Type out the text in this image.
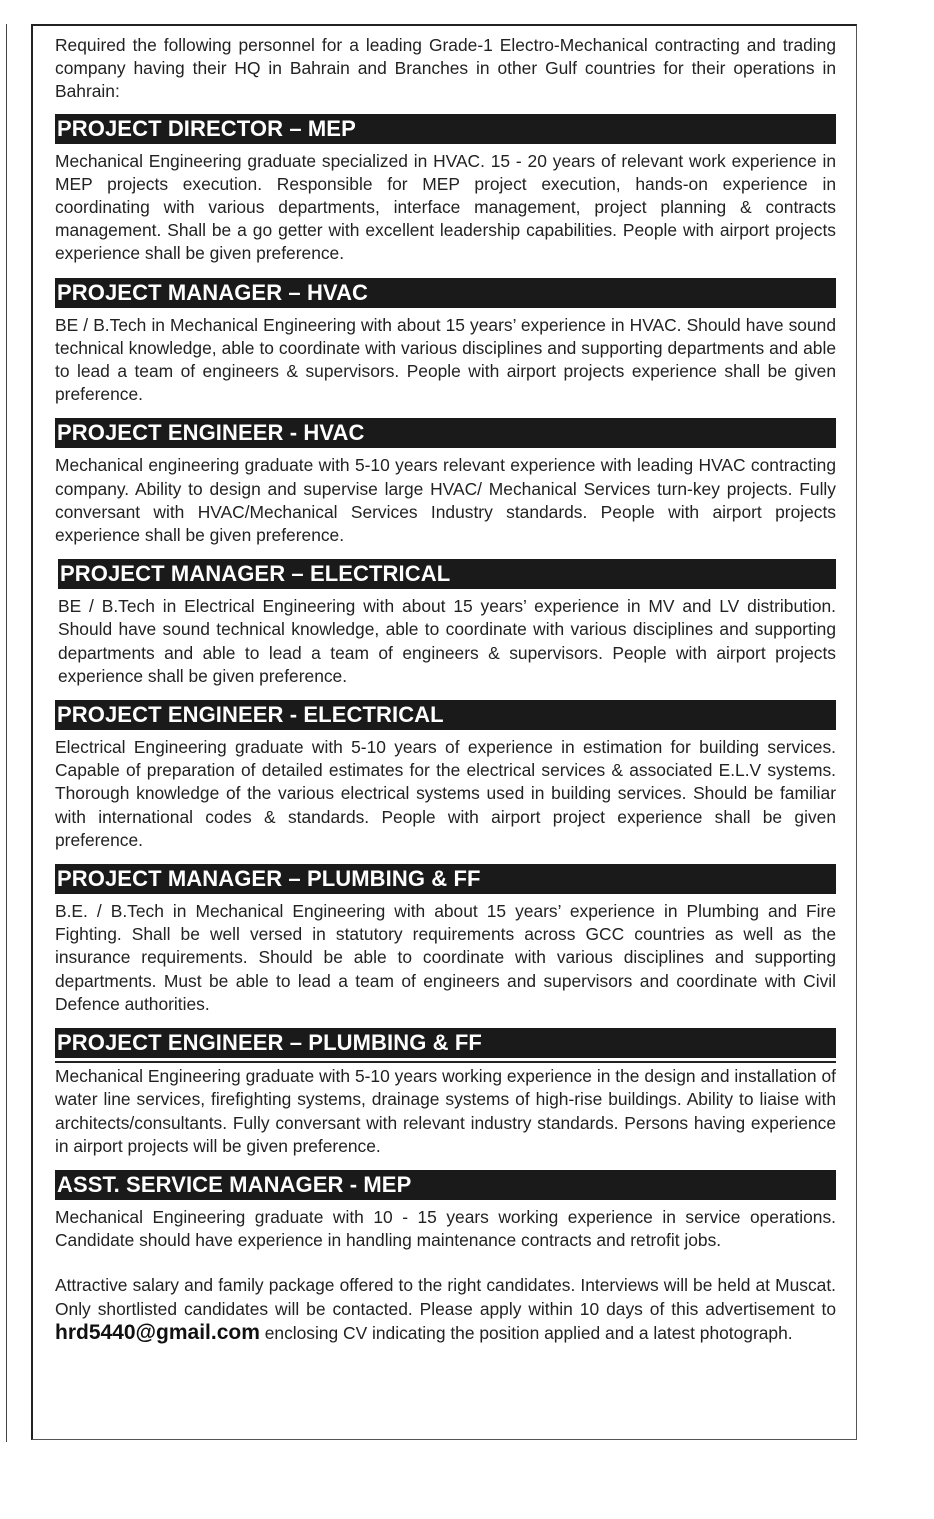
Required the following personnel for a leading Grade-1 Electro-Mechanical contracting and trading company having their HQ in Bahrain and Branches in other Gulf countries for their operations in Bahrain:

PROJECT DIRECTOR – MEP

Mechanical Engineering graduate specialized in HVAC. 15 - 20 years of relevant work experience in MEP projects execution. Responsible for MEP project execution, hands-on experience in coordinating with various departments, interface management, project planning & contracts management. Shall be a go getter with excellent leadership capabilities. People with airport projects experience shall be given preference.

PROJECT MANAGER – HVAC

BE / B.Tech in Mechanical Engineering with about 15 years’ experience in HVAC. Should have sound technical knowledge, able to coordinate with various disciplines and supporting departments and able to lead a team of engineers & supervisors. People with airport projects experience shall be given preference.

PROJECT ENGINEER - HVAC

Mechanical engineering graduate with 5-10 years relevant experience with leading HVAC contracting company. Ability to design and supervise large HVAC/ Mechanical Services turn-key projects. Fully conversant with HVAC/Mechanical Services Industry standards. People with airport projects experience shall be given preference.

PROJECT MANAGER – ELECTRICAL

BE / B.Tech in Electrical Engineering with about 15 years’ experience in MV and LV distribution. Should have sound technical knowledge, able to coordinate with various disciplines and supporting departments and able to lead a team of engineers & supervisors. People with airport projects experience shall be given preference.

PROJECT ENGINEER - ELECTRICAL

Electrical Engineering graduate with 5-10 years of experience in estimation for building services. Capable of preparation of detailed estimates for the electrical services & associated E.L.V systems. Thorough knowledge of the various electrical systems used in building services. Should be familiar with international codes & standards. People with airport project experience shall be given preference.

PROJECT MANAGER – PLUMBING & FF

B.E. / B.Tech in Mechanical Engineering with about 15 years’ experience in Plumbing and Fire Fighting. Shall be well versed in statutory requirements across GCC countries as well as the insurance requirements. Should be able to coordinate with various disciplines and supporting departments. Must be able to lead a team of engineers and supervisors and coordinate with Civil Defence authorities.

PROJECT ENGINEER – PLUMBING & FF

Mechanical Engineering graduate with 5-10 years working experience in the design and installation of water line services, firefighting systems, drainage systems of high-rise buildings. Ability to liaise with architects/consultants. Fully conversant with relevant industry standards. Persons having experience in airport projects will be given preference.

ASST. SERVICE MANAGER - MEP

Mechanical Engineering graduate with 10 - 15 years working experience in service operations. Candidate should have experience in handling maintenance contracts and retrofit jobs.

Attractive salary and family package offered to the right candidates. Interviews will be held at Muscat. Only shortlisted candidates will be contacted. Please apply within 10 days of this advertisement to hrd5440@gmail.com enclosing CV indicating the position applied and a latest photograph.
